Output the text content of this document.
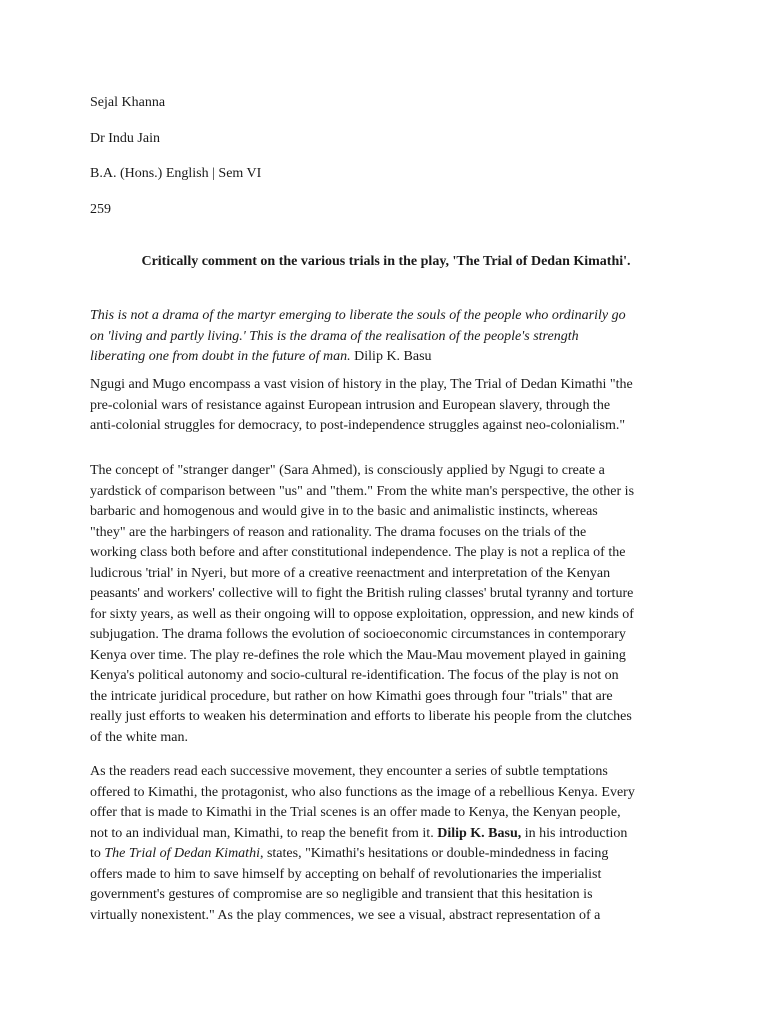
Sejal Khanna
Dr Indu Jain
B.A. (Hons.) English | Sem VI
259
Critically comment on the various trials in the play, 'The Trial of Dedan Kimathi'.

This is not a drama of the martyr emerging to liberate the souls of the people who ordinarily go
on 'living and partly living.' This is the drama of the realisation of the people's strength
liberating one from doubt in the future of man. Dilip K. Basu

Ngugi and Mugo encompass a vast vision of history in the play, The Trial of Dedan Kimathi "the
pre-colonial wars of resistance against European intrusion and European slavery, through the
anti-colonial struggles for democracy, to post-independence struggles against neo-colonialism."

The concept of "stranger danger" (Sara Ahmed), is consciously applied by Ngugi to create a
yardstick of comparison between "us" and "them." From the white man's perspective, the other is
barbaric and homogenous and would give in to the basic and animalistic instincts, whereas
"they" are the harbingers of reason and rationality. The drama focuses on the trials of the
working class both before and after constitutional independence. The play is not a replica of the
ludicrous 'trial' in Nyeri, but more of a creative reenactment and interpretation of the Kenyan
peasants' and workers' collective will to fight the British ruling classes' brutal tyranny and torture
for sixty years, as well as their ongoing will to oppose exploitation, oppression, and new kinds of
subjugation. The drama follows the evolution of socioeconomic circumstances in contemporary
Kenya over time. The play re-defines the role which the Mau-Mau movement played in gaining
Kenya's political autonomy and socio-cultural re-identification. The focus of the play is not on
the intricate juridical procedure, but rather on how Kimathi goes through four "trials" that are
really just efforts to weaken his determination and efforts to liberate his people from the clutches
of the white man.

As the readers read each successive movement, they encounter a series of subtle temptations
offered to Kimathi, the protagonist, who also functions as the image of a rebellious Kenya. Every
offer that is made to Kimathi in the Trial scenes is an offer made to Kenya, the Kenyan people,
not to an individual man, Kimathi, to reap the benefit from it. Dilip K. Basu, in his introduction
to The Trial of Dedan Kimathi, states, "Kimathi's hesitations or double-mindedness in facing
offers made to him to save himself by accepting on behalf of revolutionaries the imperialist
government's gestures of compromise are so negligible and transient that this hesitation is
virtually nonexistent." As the play commences, we see a visual, abstract representation of a
